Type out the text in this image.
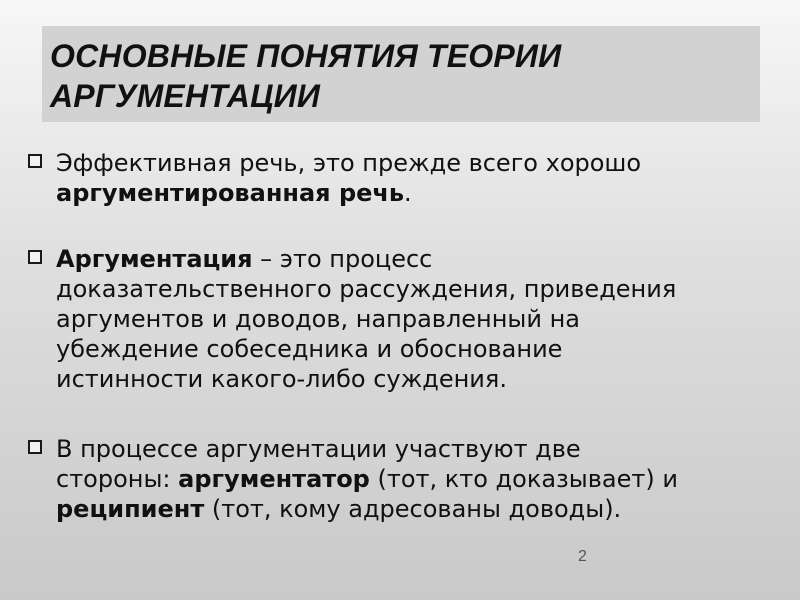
ОСНОВНЫЕ ПОНЯТИЯ ТЕОРИИ
АРГУМЕНТАЦИИ
Эффективная речь, это прежде всего хорошо
аргументированная речь.
Аргументация – это процесс
доказательственного рассуждения, приведения
аргументов и доводов, направленный на
убеждение собеседника и обоснование
истинности какого-либо суждения.
В процессе аргументации участвуют две
стороны: аргументатор (тот, кто доказывает) и
реципиент (тот, кому адресованы доводы).
2
